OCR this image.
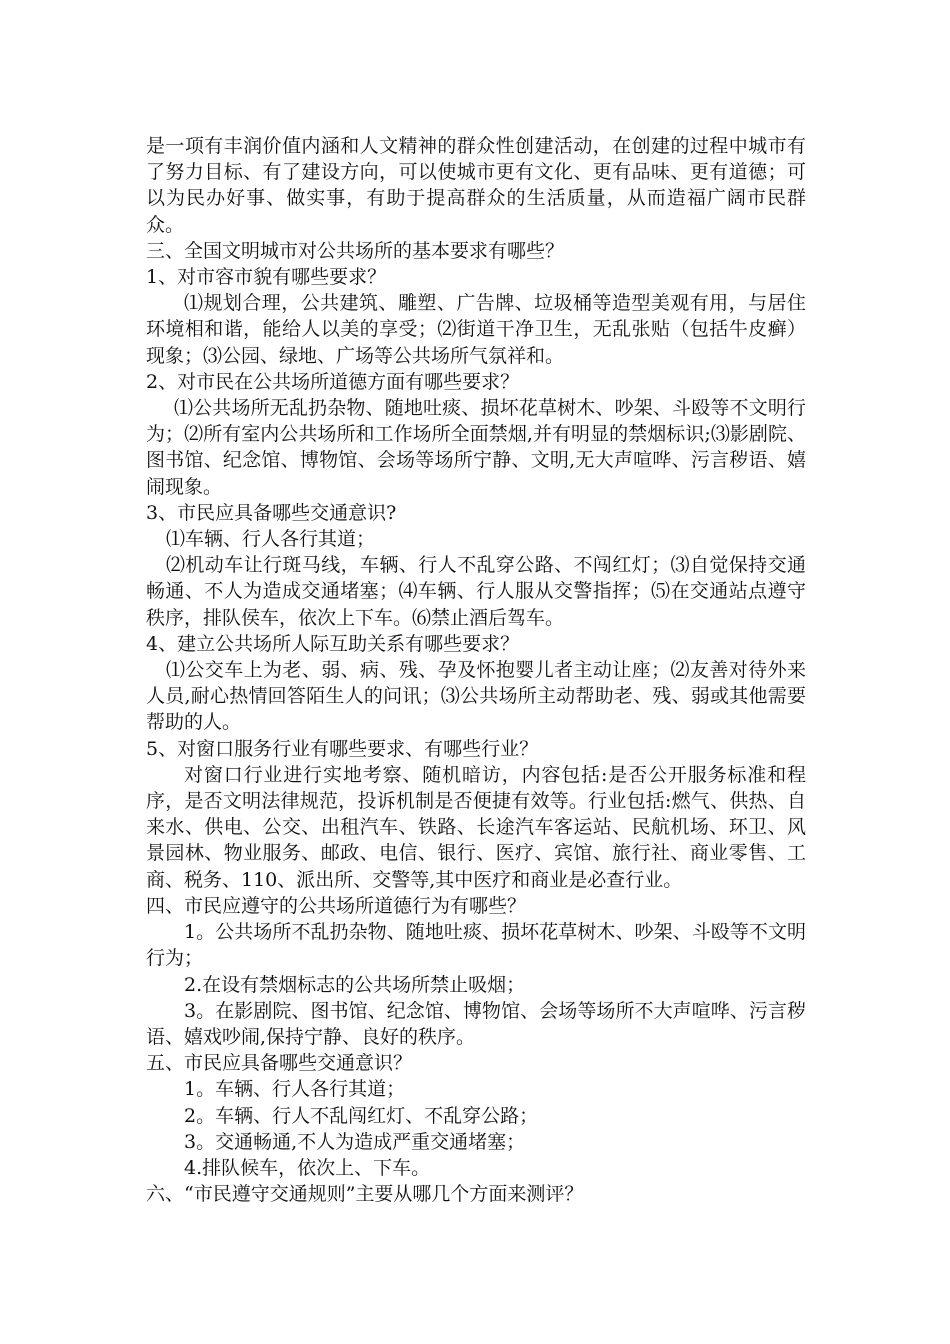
是一项有丰润价值内涵和人文精神的群众性创建活动，在创建的过程中城市有了努力目标、有了建设方向，可以使城市更有文化、更有品味、更有道德；可以为民办好事、做实事，有助于提高群众的生活质量，从而造福广阔市民群众。

三、全国文明城市对公共场所的基本要求有哪些？

1、对市容市貌有哪些要求？

⑴规划合理，公共建筑、雕塑、广告牌、垃圾桶等造型美观有用，与居住环境相和谐，能给人以美的享受；⑵街道干净卫生，无乱张贴（包括牛皮癣）现象；⑶公园、绿地、广场等公共场所气氛祥和。

2、对市民在公共场所道德方面有哪些要求？

⑴公共场所无乱扔杂物、随地吐痰、损坏花草树木、吵架、斗殴等不文明行为；⑵所有室内公共场所和工作场所全面禁烟,并有明显的禁烟标识;⑶影剧院、图书馆、纪念馆、博物馆、会场等场所宁静、文明,无大声喧哗、污言秽语、嬉闹现象。

3、市民应具备哪些交通意识?

⑴车辆、行人各行其道；

⑵机动车让行斑马线，车辆、行人不乱穿公路、不闯红灯；⑶自觉保持交通畅通、不人为造成交通堵塞；⑷车辆、行人服从交警指挥；⑸在交通站点遵守秩序，排队侯车，依次上下车。⑹禁止酒后驾车。

4、建立公共场所人际互助关系有哪些要求？

⑴公交车上为老、弱、病、残、孕及怀抱婴儿者主动让座；⑵友善对待外来人员,耐心热情回答陌生人的问讯；⑶公共场所主动帮助老、残、弱或其他需要帮助的人。

5、对窗口服务行业有哪些要求、有哪些行业？

对窗口行业进行实地考察、随机暗访，内容包括:是否公开服务标准和程序，是否文明法律规范，投诉机制是否便捷有效等。行业包括:燃气、供热、自来水、供电、公交、出租汽车、铁路、长途汽车客运站、民航机场、环卫、风景园林、物业服务、邮政、电信、银行、医疗、宾馆、旅行社、商业零售、工商、税务、110、派出所、交警等,其中医疗和商业是必查行业。

四、市民应遵守的公共场所道德行为有哪些？

1。公共场所不乱扔杂物、随地吐痰、损坏花草树木、吵架、斗殴等不文明行为；

2.在设有禁烟标志的公共场所禁止吸烟；

3。在影剧院、图书馆、纪念馆、博物馆、会场等场所不大声喧哗、污言秽语、嬉戏吵闹,保持宁静、良好的秩序。

五、市民应具备哪些交通意识？

1。车辆、行人各行其道；

2。车辆、行人不乱闯红灯、不乱穿公路；

3。交通畅通,不人为造成严重交通堵塞；

4.排队候车，依次上、下车。

六、“市民遵守交通规则”主要从哪几个方面来测评？
